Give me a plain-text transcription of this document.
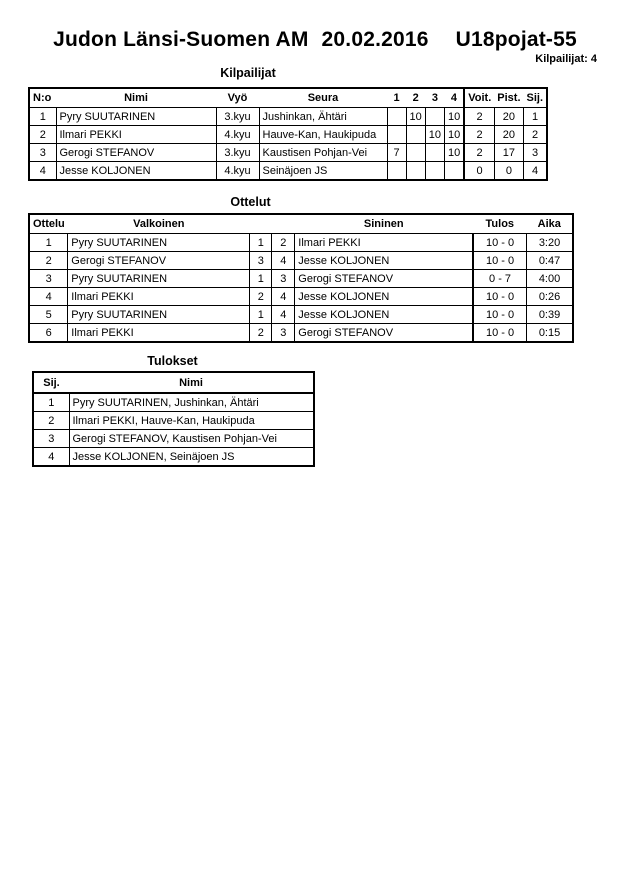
Judon Länsi-Suomen AM 20.02.2016 U18pojat-55
Kilpailijat: 4
Kilpailijat
N:o	Nimi	Vyö	Seura	1	2	3	4	Voit.	Pist.	Sij.
1	Pyry SUUTARINEN	3.kyu	Jushinkan, Ähtäri		10		10	2	20	1
2	Ilmari PEKKI	4.kyu	Hauve-Kan, Haukipuda			10	10	2	20	2
3	Gerogi STEFANOV	3.kyu	Kaustisen Pohjan-Vei	7			10	2	17	3
4	Jesse KOLJONEN	4.kyu	Seinäjoen JS					0	0	4
Ottelut
Ottelu	Valkoinen			Sininen	Tulos	Aika
1	Pyry SUUTARINEN	1	2	Ilmari PEKKI	10 - 0	3:20
2	Gerogi STEFANOV	3	4	Jesse KOLJONEN	10 - 0	0:47
3	Pyry SUUTARINEN	1	3	Gerogi STEFANOV	0 - 7	4:00
4	Ilmari PEKKI	2	4	Jesse KOLJONEN	10 - 0	0:26
5	Pyry SUUTARINEN	1	4	Jesse KOLJONEN	10 - 0	0:39
6	Ilmari PEKKI	2	3	Gerogi STEFANOV	10 - 0	0:15
Tulokset
Sij.	Nimi
1	Pyry SUUTARINEN, Jushinkan, Ähtäri
2	Ilmari PEKKI, Hauve-Kan, Haukipuda
3	Gerogi STEFANOV, Kaustisen Pohjan-Vei
4	Jesse KOLJONEN, Seinäjoen JS
